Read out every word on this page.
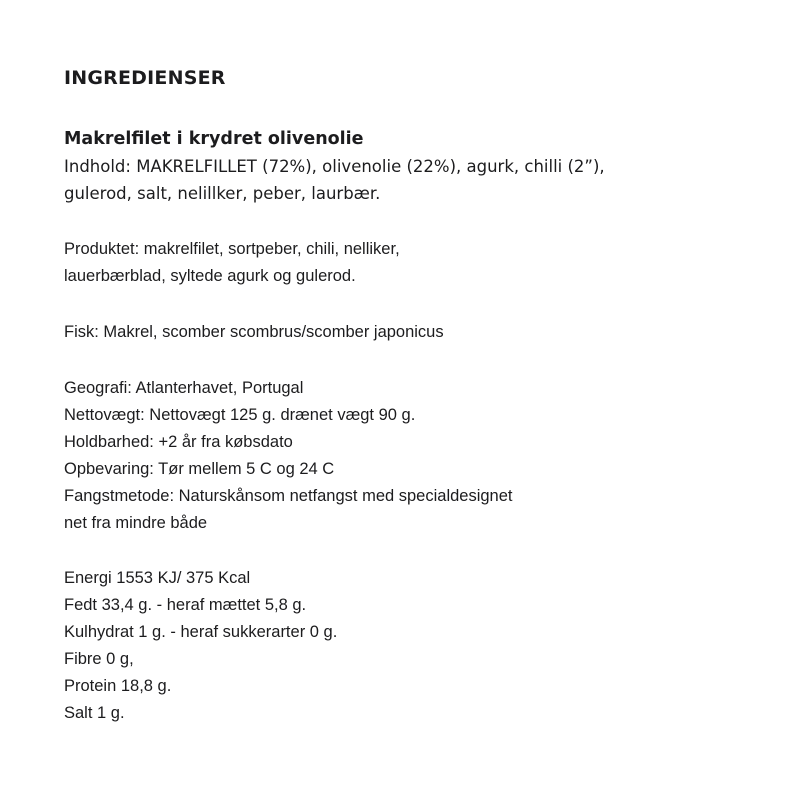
INGREDIENSER
Makrelfilet i krydret olivenolie
Indhold: MAKRELFILLET (72%), olivenolie (22%), agurk, chilli (2”),
gulerod, salt, nelillker, peber, laurbær.
Produktet: makrelfilet, sortpeber, chili, nelliker,
lauerbærblad, syltede agurk og gulerod.
Fisk: Makrel, scomber scombrus/scomber japonicus
Geografi: Atlanterhavet, Portugal
Nettovægt: Nettovægt 125 g. drænet vægt 90 g.
Holdbarhed: +2 år fra købsdato
Opbevaring: Tør mellem 5 C og 24 C
Fangstmetode: Naturskånsom netfangst med specialdesignet
net fra mindre både
Energi 1553 KJ/ 375 Kcal
Fedt 33,4 g. - heraf mættet 5,8 g.
Kulhydrat 1 g. - heraf sukkerarter 0 g.
Fibre 0 g,
Protein 18,8 g.
Salt 1 g.
